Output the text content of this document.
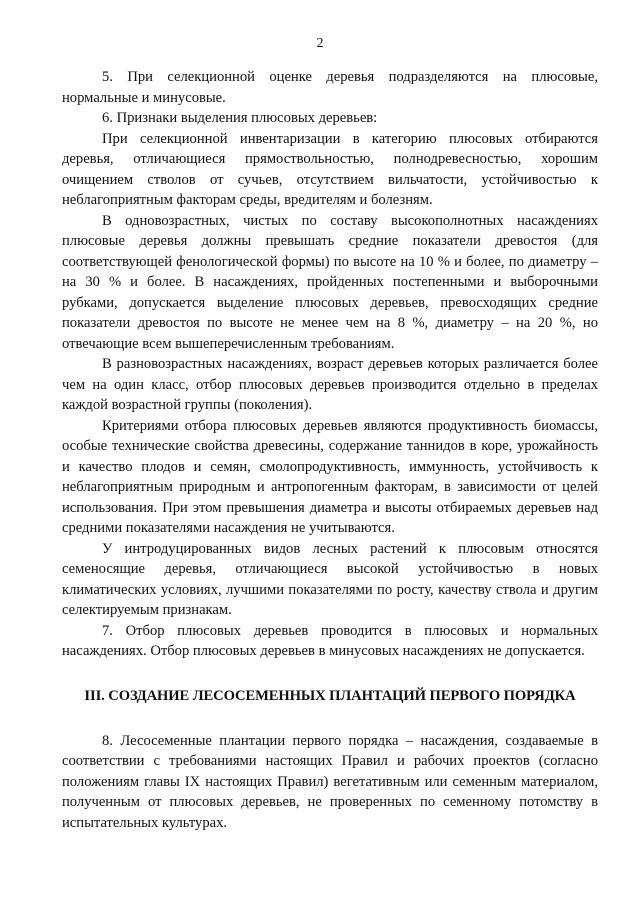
2

5. При селекционной оценке деревья подразделяются на плюсовые, нормальные и минусовые.

6. Признаки выделения плюсовых деревьев:

При селекционной инвентаризации в категорию плюсовых отбираются деревья, отличающиеся прямоствольностью, полнодревесностью, хорошим очищением стволов от сучьев, отсутствием вильчатости, устойчивостью к неблагоприятным факторам среды, вредителям и болезням.

В одновозрастных, чистых по составу высокополнотных насаждениях плюсовые деревья должны превышать средние показатели древостоя (для соответствующей фенологической формы) по высоте на 10 % и более, по диаметру – на 30 % и более. В насаждениях, пройденных постепенными и выборочными рубками, допускается выделение плюсовых деревьев, превосходящих средние показатели древостоя по высоте не менее чем на 8 %, диаметру – на 20 %, но отвечающие всем вышеперечисленным требованиям.

В разновозрастных насаждениях, возраст деревьев которых различается более чем на один класс, отбор плюсовых деревьев производится отдельно в пределах каждой возрастной группы (поколения).

Критериями отбора плюсовых деревьев являются продуктивность биомассы, особые технические свойства древесины, содержание таннидов в коре, урожайность и качество плодов и семян, смолопродуктивность, иммунность, устойчивость к неблагоприятным природным и антропогенным факторам, в зависимости от целей использования. При этом превышения диаметра и высоты отбираемых деревьев над средними показателями насаждения не учитываются.

У интродуцированных видов лесных растений к плюсовым относятся семеносящие деревья, отличающиеся высокой устойчивостью в новых климатических условиях, лучшими показателями по росту, качеству ствола и другим селектируемым признакам.

7. Отбор плюсовых деревьев проводится в плюсовых и нормальных насаждениях. Отбор плюсовых деревьев в минусовых насаждениях не допускается.

III. СОЗДАНИЕ ЛЕСОСЕМЕННЫХ ПЛАНТАЦИЙ ПЕРВОГО ПОРЯДКА

8. Лесосеменные плантации первого порядка – насаждения, создаваемые в соответствии с требованиями настоящих Правил и рабочих проектов (согласно положениям главы IX настоящих Правил) вегетативным или семенным материалом, полученным от плюсовых деревьев, не проверенных по семенному потомству в испытательных культурах.
